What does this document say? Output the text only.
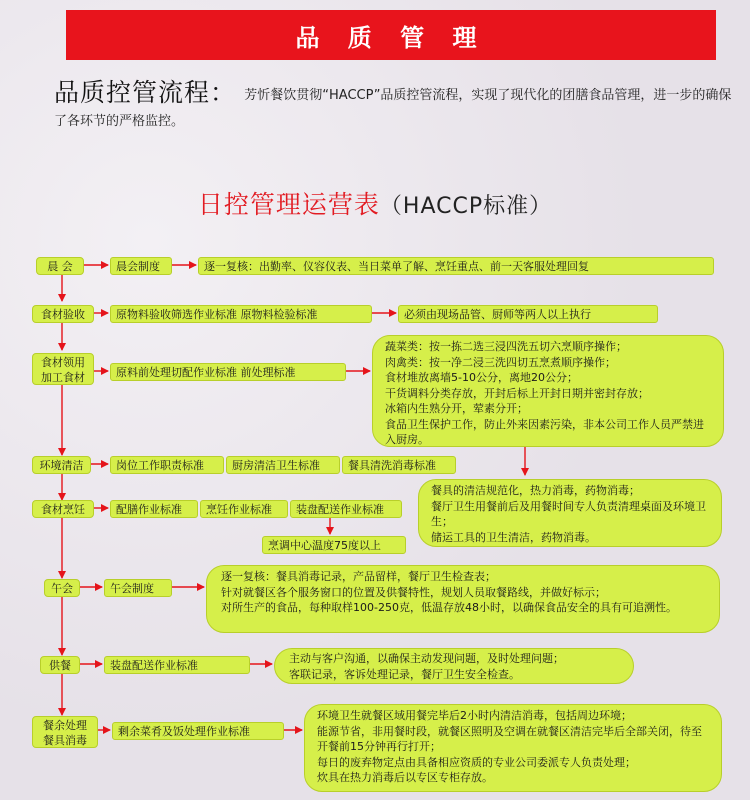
品 质 管 理
品质控管流程： 芳忻餐饮贯彻“HACCP”品质控管流程，实现了现代化的团膳食品管理，进一步的确保了各环节的严格监控。
日控管理运营表（HACCP标准）
晨 会	晨会制度	逐一复核：出勤率、仪容仪表、当日菜单了解、烹饪重点、前一天客服处理回复
食材验收	原物料验收筛选作业标准 原物料检验标准	必须由现场品管、厨师等两人以上执行
食材领用
加工食材	原料前处理切配作业标准 前处理标准
蔬菜类：按一拣二选三浸四洗五切六烹顺序操作；
肉禽类：按一净二浸三洗四切五烹煮顺序操作；
食材堆放离墙5-10公分，离地20公分；
干货调料分类存放，开封后标上开封日期并密封存放；
冰箱内生熟分开，荤素分开；
食品卫生保护工作，防止外来因素污染，非本公司工作人员严禁进入厨房。
环境清洁	岗位工作职责标准	厨房清洁卫生标准	餐具清洗消毒标准
食材烹饪	配膳作业标准	烹饪作业标准	装盘配送作业标准
烹调中心温度75度以上
餐具的清洁规范化，热力消毒，药物消毒；
餐厅卫生用餐前后及用餐时间专人负责清理桌面及环境卫生；
储运工具的卫生清洁，药物消毒。
午会	午会制度
逐一复核：餐具消毒记录，产品留样，餐厅卫生检查表；
针对就餐区各个服务窗口的位置及供餐特性，规划人员取餐路线，并做好标示；
对所生产的食品，每种取样100-250克，低温存放48小时，以确保食品安全的具有可追溯性。
供餐	装盘配送作业标准
主动与客户沟通，以确保主动发现问题，及时处理问题；
客联记录，客诉处理记录，餐厅卫生安全检查。
餐余处理
餐具消毒
剩余菜肴及饭处理作业标准
环境卫生就餐区域用餐完毕后2小时内清洁消毒，包括周边环境；
能源节省，非用餐时段，就餐区照明及空调在就餐区清洁完毕后全部关闭，待至开餐前15分钟再行打开；
每日的废弃物定点由具备相应资质的专业公司委派专人负责处理；
炊具在热力消毒后以专区专柜存放。
